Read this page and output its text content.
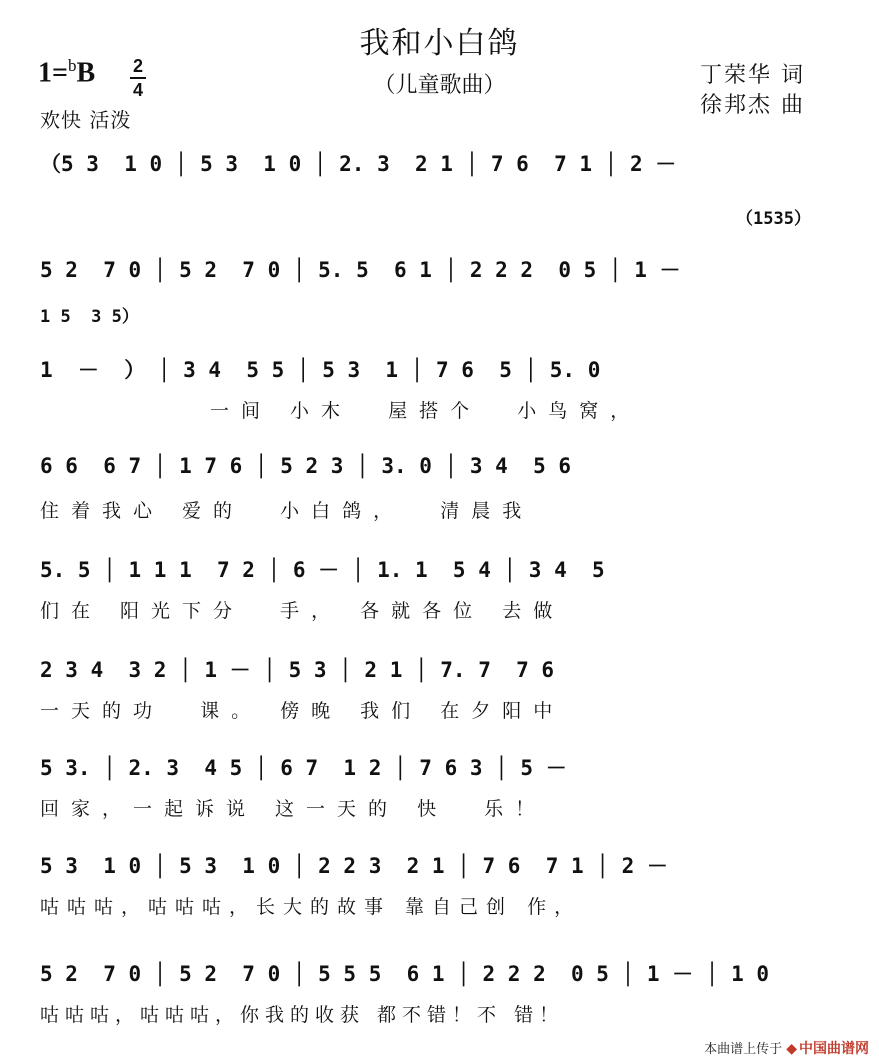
我和小白鸽
（儿童歌曲）
1=$^b$B 2
4
欢快 活泼
丁荣华 词
徐邦杰 曲
（5 3  1 0 │ 5 3  1 0 │ 2. 3  2 1 │ 7 6  7 1 │ 2 －
（1535）
5 2  7 0 │ 5 2  7 0 │ 5. 5  6 1 │ 2 2 2  0 5 │ 1 －
1 5  3 5）
1  －  ） │ 3 4  5 5 │ 5 3  1 │ 7 6  5 │ 5. 0
一间 小木  屋搭个  小鸟窝，
6 6  6 7 │ 1 7 6 │ 5 2 3 │ 3. 0 │ 3 4  5 6
住着我心 爱的  小白鸽，  清晨我
5. 5 │ 1 1 1  7 2 │ 6 － │ 1. 1  5 4 │ 3 4  5
们在 阳光下分  手， 各就各位 去做
2 3 4  3 2 │ 1 － │ 5 3 │ 2 1 │ 7. 7  7 6
一天的功  课。 傍晚 我们 在夕阳中
5 3. │ 2. 3  4 5 │ 6 7  1 2 │ 7 6 3 │ 5 －
回家，一起诉说 这一天的 快  乐！
5 3  1 0 │ 5 3  1 0 │ 2 2 3  2 1 │ 7 6  7 1 │ 2 －
咕咕咕，咕咕咕，长大的故事 靠自己创 作，
5 2  7 0 │ 5 2  7 0 │ 5 5 5  6 1 │ 2 2 2  0 5 │ 1 － │ 1 0
咕咕咕，咕咕咕，你我的收获 都不错！不 错！
本曲谱上传于 ◆ 中国曲谱网
